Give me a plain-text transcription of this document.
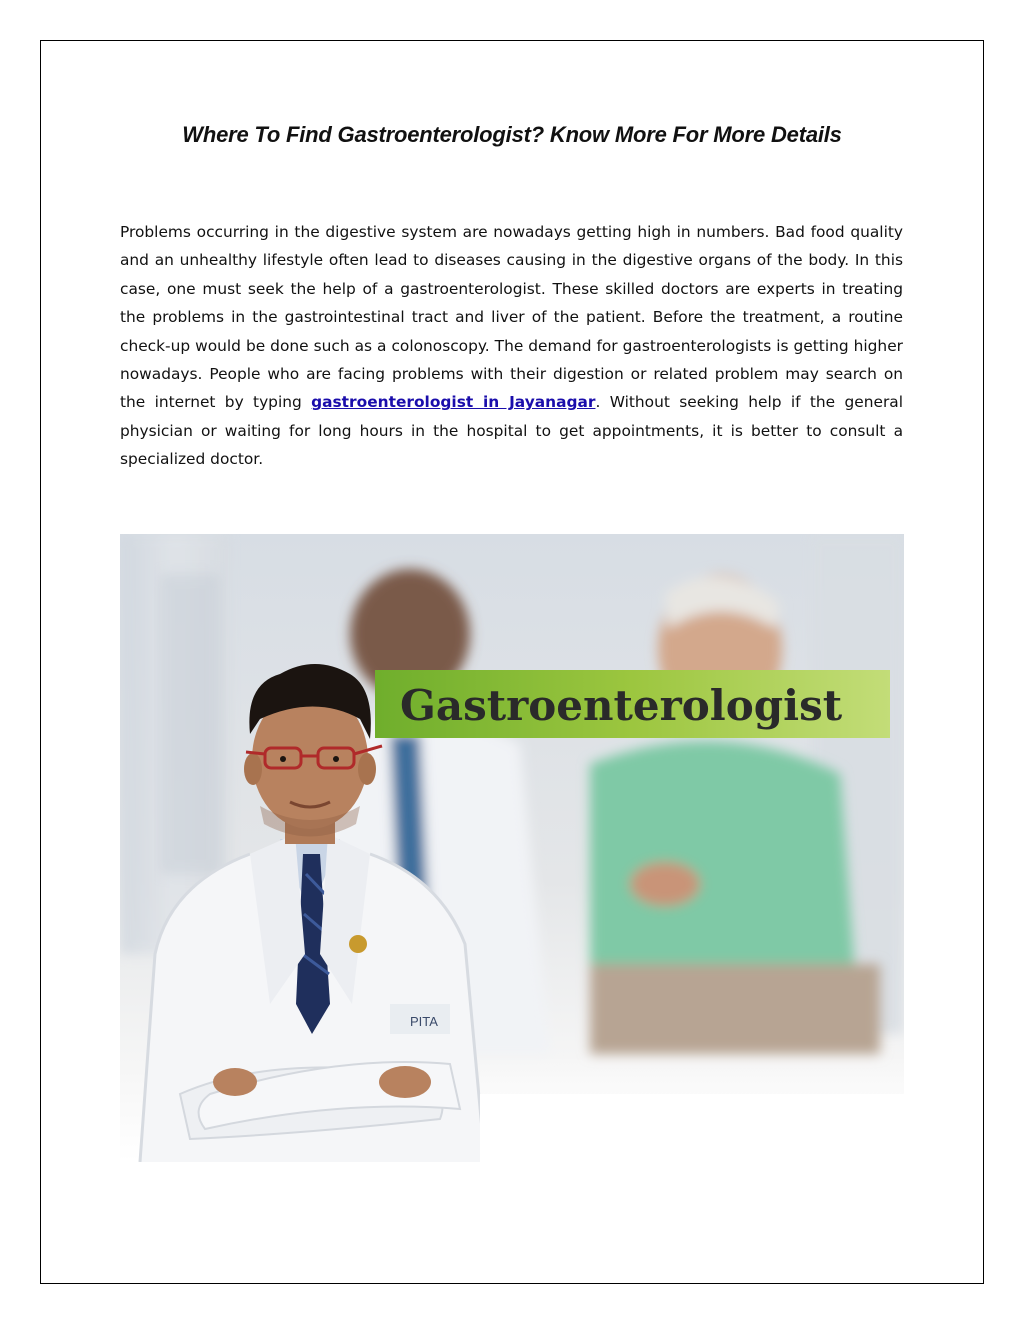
Where To Find Gastroenterologist? Know More For More Details

Problems occurring in the digestive system are nowadays getting high in numbers. Bad food quality and an unhealthy lifestyle often lead to diseases causing in the digestive organs of the body. In this case, one must seek the help of a gastroenterologist. These skilled doctors are experts in treating the problems in the gastrointestinal tract and liver of the patient. Before the treatment, a routine check-up would be done such as a colonoscopy. The demand for gastroenterologists is getting higher nowadays. People who are facing problems with their digestion or related problem may search on the internet by typing gastroenterologist in Jayanagar. Without seeking help if the general physician or waiting for long hours in the hospital to get appointments, it is better to consult a specialized doctor.

Gastroenterologist
PITA
